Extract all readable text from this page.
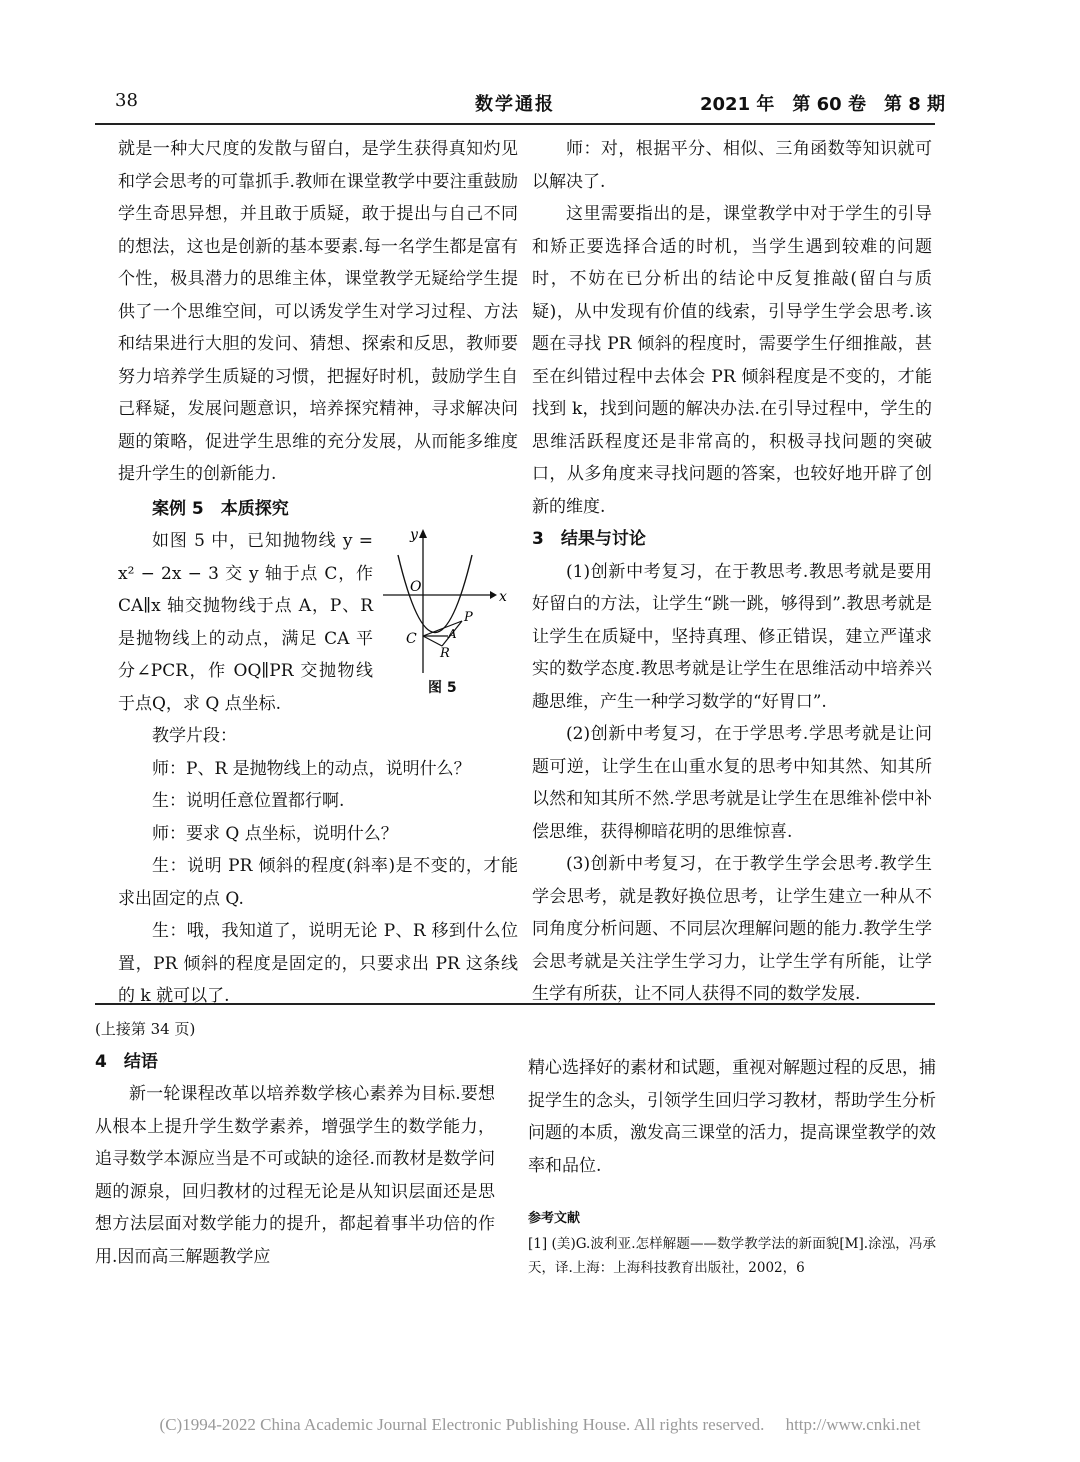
38	数学通报	2021 年　第 60 卷　第 8 期

就是一种大尺度的发散与留白，是学生获得真知灼见和学会思考的可靠抓手.教师在课堂教学中要注重鼓励学生奇思异想，并且敢于质疑，敢于提出与自己不同的想法，这也是创新的基本要素.每一名学生都是富有个性，极具潜力的思维主体，课堂教学无疑给学生提供了一个思维空间，可以诱发学生对学习过程、方法和结果进行大胆的发问、猜想、探索和反思，教师要努力培养学生质疑的习惯，把握好时机，鼓励学生自己释疑，发展问题意识，培养探究精神，寻求解决问题的策略，促进学生思维的充分发展，从而能多维度提升学生的创新能力.

案例 5　本质探究

如图 5 中，已知抛物线 y = x² − 2x − 3 交 y 轴于点 C，作 CA∥x 轴交抛物线于点 A，P、R 是抛物线上的动点，满足 CA 平分∠PCR，作 OQ∥PR 交抛物线于点Q，求 Q 点坐标.

教学片段：

师：P、R 是抛物线上的动点，说明什么？

生：说明任意位置都行啊.

师：要求 Q 点坐标，说明什么？

生：说明 PR 倾斜的程度(斜率)是不变的，才能求出固定的点 Q.

生：哦，我知道了，说明无论 P、R 移到什么位置，PR 倾斜的程度是固定的，只要求出 PR 这条线的 k 就可以了.

y
x
O
C	A
P
R
图 5

师：对，根据平分、相似、三角函数等知识就可以解决了.

这里需要指出的是，课堂教学中对于学生的引导和矫正要选择合适的时机，当学生遇到较难的问题时，不妨在已分析出的结论中反复推敲(留白与质疑)，从中发现有价值的线索，引导学生学会思考.该题在寻找 PR 倾斜的程度时，需要学生仔细推敲，甚至在纠错过程中去体会 PR 倾斜程度是不变的，才能找到 k，找到问题的解决办法.在引导过程中，学生的思维活跃程度还是非常高的，积极寻找问题的突破口，从多角度来寻找问题的答案，也较好地开辟了创新的维度.

3　结果与讨论

(1)创新中考复习，在于教思考.教思考就是要用好留白的方法，让学生“跳一跳，够得到”.教思考就是让学生在质疑中，坚持真理、修正错误，建立严谨求实的数学态度.教思考就是让学生在思维活动中培养兴趣思维，产生一种学习数学的“好胃口”.

(2)创新中考复习，在于学思考.学思考就是让问题可逆，让学生在山重水复的思考中知其然、知其所以然和知其所不然.学思考就是让学生在思维补偿中补偿思维，获得柳暗花明的思维惊喜.

(3)创新中考复习，在于教学生学会思考.教学生学会思考，就是教好换位思考，让学生建立一种从不同角度分析问题、不同层次理解问题的能力.教学生学会思考就是关注学生学习力，让学生学有所能，让学生学有所获，让不同人获得不同的数学发展.

(上接第 34 页)

4　结语

新一轮课程改革以培养数学核心素养为目标.要想从根本上提升学生数学素养，增强学生的数学能力，追寻数学本源应当是不可或缺的途径.而教材是数学问题的源泉，回归教材的过程无论是从知识层面还是思想方法层面对数学能力的提升，都起着事半功倍的作用.因而高三解题教学应

精心选择好的素材和试题，重视对解题过程的反思，捕捉学生的念头，引领学生回归学习教材，帮助学生分析问题的本质，激发高三课堂的活力，提高课堂教学的效率和品位.

参考文献

[1] (美)G.波利亚.怎样解题——数学教学法的新面貌[M].涂泓，冯承天，译.上海：上海科技教育出版社，2002，6

(C)1994-2022 China Academic Journal Electronic Publishing House. All rights reserved.　 http://www.cnki.net
